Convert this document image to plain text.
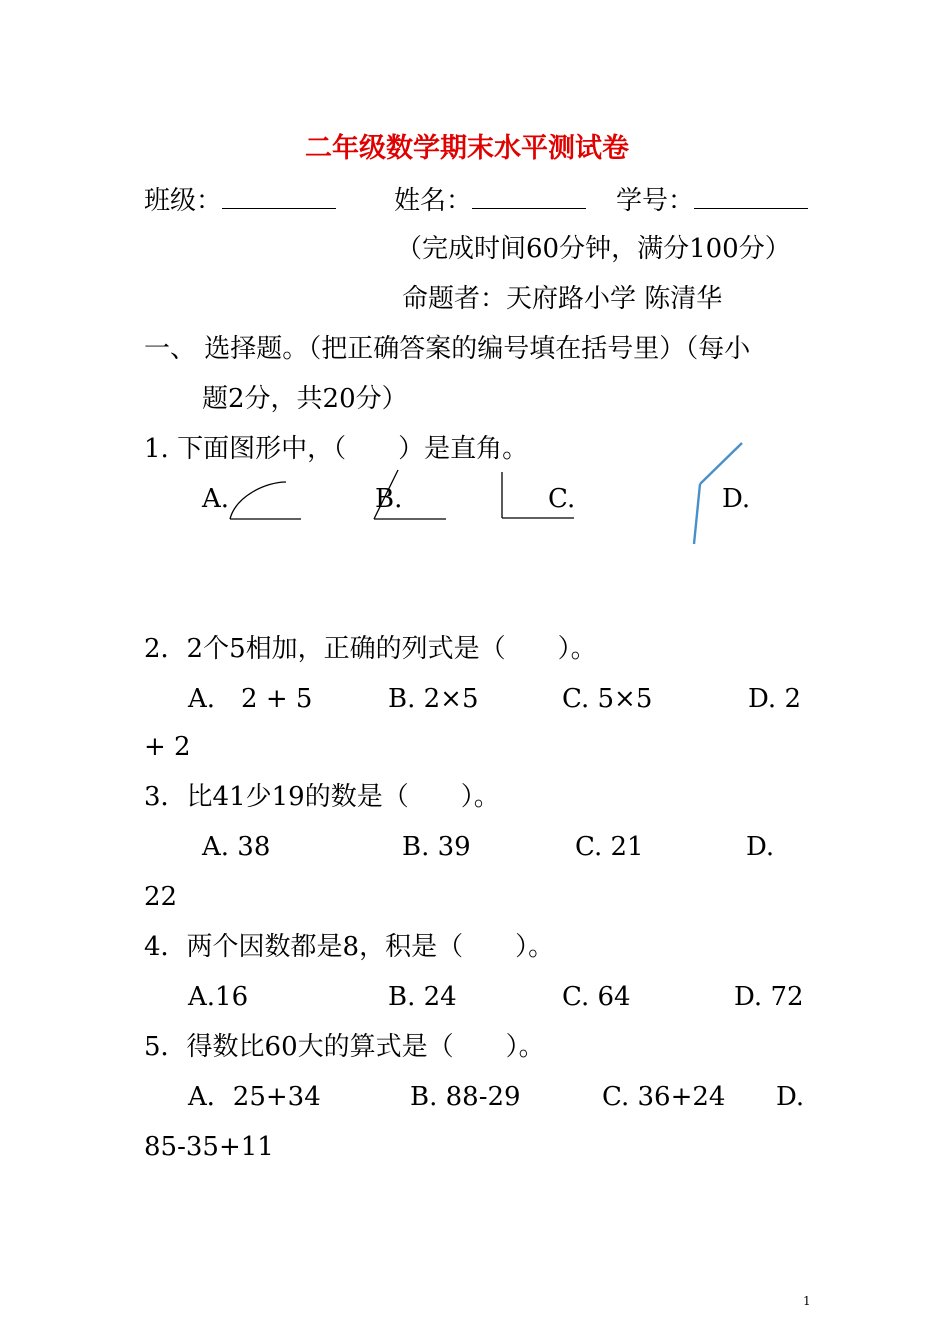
二年级数学期末水平测试卷
班级：	姓名：	学号：
（完成时间60分钟，满分100分）
命题者：天府路小学 陈清华
一、 选择题。（把正确答案的编号填在括号里）（每小
题2分，共20分）
1. 下面图形中，（　　）是直角。
A.	B.	C.	D.
2．2个5相加，正确的列式是（　　）。
A.　2 + 5	B. 2×5	C. 5×5	D. 2
+ 2
3．比41少19的数是（　　）。
A. 38	B. 39	C. 21	D.
22
4．两个因数都是8，积是（　　）。
A.16	B. 24	C. 64	D. 72
5．得数比60大的算式是（　　）。
A．25+34	B. 88-29	C. 36+24 D.
85-35+11
1
